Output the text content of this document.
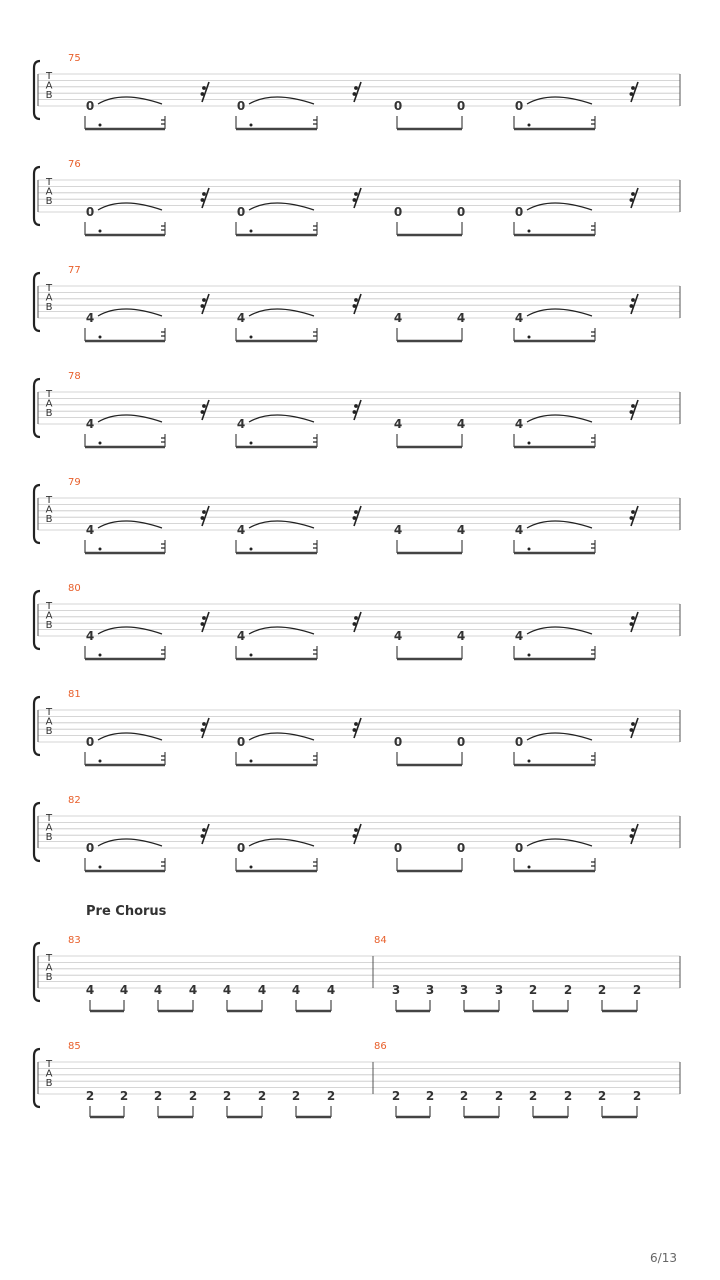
Pre Chorus
6/13
T
A
B
75
0	0	0	0	0
T
A
B
76
0	0	0	0	0
T
A
B
77
4	4	4	4	4
T
A
B
78
4	4	4	4	4
T
A
B
79
4	4	4	4	4
T
A
B
80
4	4	4	4	4
T
A
B
81
0	0	0	0	0
T
A
B
82
0	0	0	0	0
T
A
B
83
4 4 4 4 4 4 4 4
84
3 3 3 3 2 2 2 2
T
A
B
85
2 2 2 2 2 2 2 2
86
2 2 2 2 2 2 2 2
